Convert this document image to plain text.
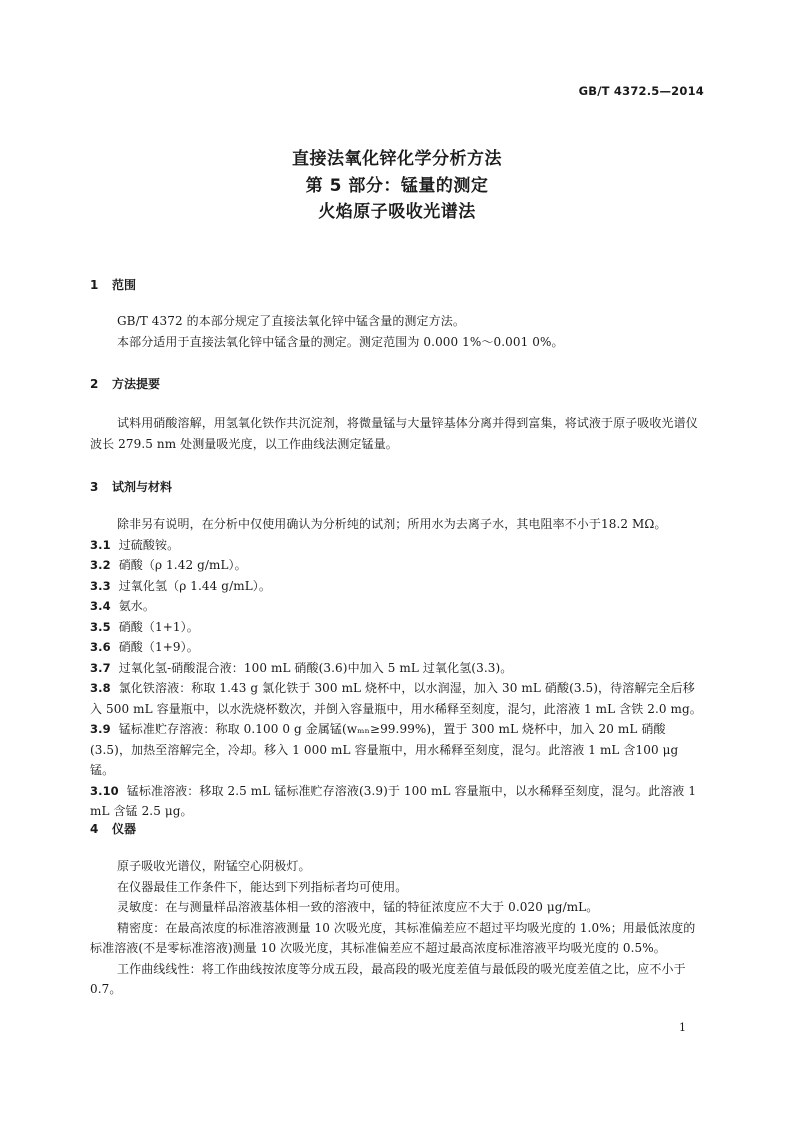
GB/T 4372.5—2014
直接法氧化锌化学分析方法
第 5 部分：锰量的测定
火焰原子吸收光谱法
1 范围

GB/T 4372 的本部分规定了直接法氧化锌中锰含量的测定方法。

本部分适用于直接法氧化锌中锰含量的测定。测定范围为 0.000 1%～0.001 0%。

2 方法提要

试料用硝酸溶解，用氢氧化铁作共沉淀剂，将微量锰与大量锌基体分离并得到富集，将试液于原子吸收光谱仪波长 279.5 nm 处测量吸光度，以工作曲线法测定锰量。

3 试剂与材料

除非另有说明，在分析中仅使用确认为分析纯的试剂；所用水为去离子水，其电阻率不小于18.2 MΩ。

3.1 过硫酸铵。

3.2 硝酸（ρ 1.42 g/mL）。

3.3 过氧化氢（ρ 1.44 g/mL）。

3.4 氨水。

3.5 硝酸（1+1）。

3.6 硝酸（1+9）。

3.7 过氧化氢-硝酸混合液：100 mL 硝酸(3.6)中加入 5 mL 过氧化氢(3.3)。

3.8 氯化铁溶液：称取 1.43 g 氯化铁于 300 mL 烧杯中，以水润湿，加入 30 mL 硝酸(3.5)，待溶解完全后移入 500 mL 容量瓶中，以水洗烧杯数次，并倒入容量瓶中，用水稀释至刻度，混匀，此溶液 1 mL 含铁 2.0 mg。

3.9 锰标准贮存溶液：称取 0.100 0 g 金属锰(wₘₙ≥99.99%)，置于 300 mL 烧杯中，加入 20 mL 硝酸(3.5)，加热至溶解完全，冷却。移入 1 000 mL 容量瓶中，用水稀释至刻度，混匀。此溶液 1 mL 含100 μg 锰。

3.10 锰标准溶液：移取 2.5 mL 锰标准贮存溶液(3.9)于 100 mL 容量瓶中，以水稀释至刻度，混匀。此溶液 1 mL 含锰 2.5 μg。

4 仪器

原子吸收光谱仪，附锰空心阴极灯。

在仪器最佳工作条件下，能达到下列指标者均可使用。

灵敏度：在与测量样品溶液基体相一致的溶液中，锰的特征浓度应不大于 0.020 μg/mL。

精密度：在最高浓度的标准溶液测量 10 次吸光度，其标准偏差应不超过平均吸光度的 1.0%；用最低浓度的标准溶液(不是零标准溶液)测量 10 次吸光度，其标准偏差应不超过最高浓度标准溶液平均吸光度的 0.5%。

工作曲线线性：将工作曲线按浓度等分成五段，最高段的吸光度差值与最低段的吸光度差值之比，应不小于 0.7。

1
